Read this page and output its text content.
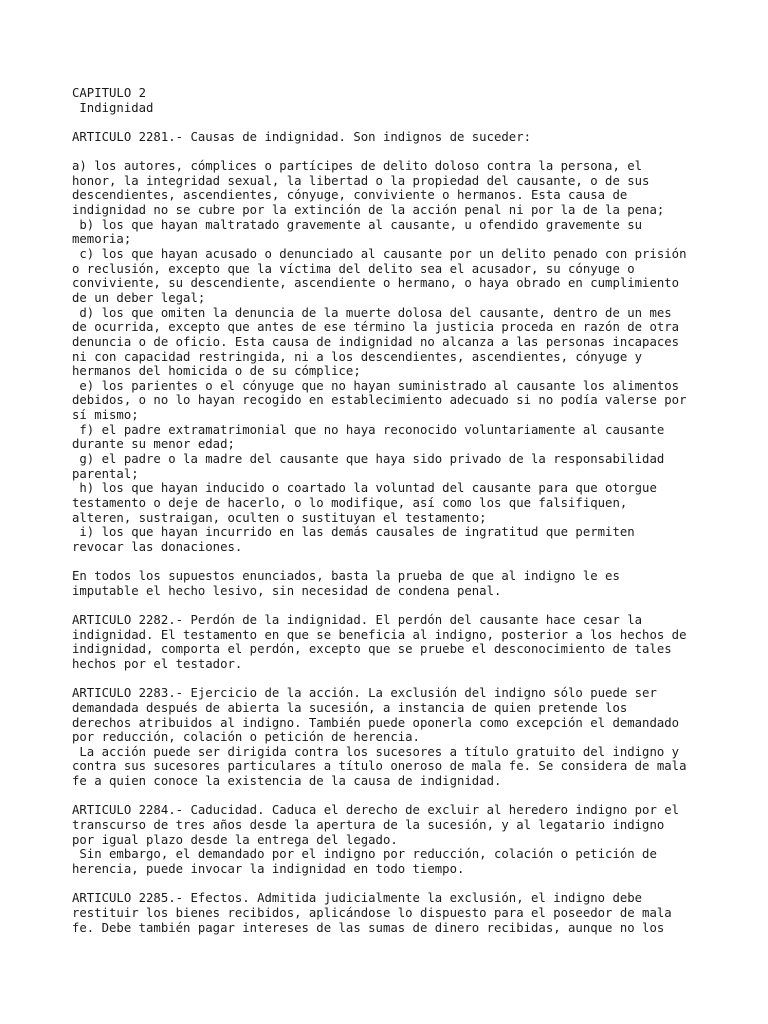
CAPITULO 2
Indignidad
ARTICULO 2281.- Causas de indignidad. Son indignos de suceder:
a) los autores, cómplices o partícipes de delito doloso contra la persona, el
honor, la integridad sexual, la libertad o la propiedad del causante, o de sus
descendientes, ascendientes, cónyuge, conviviente o hermanos. Esta causa de
indignidad no se cubre por la extinción de la acción penal ni por la de la pena;
b) los que hayan maltratado gravemente al causante, u ofendido gravemente su
memoria;
c) los que hayan acusado o denunciado al causante por un delito penado con prisión
o reclusión, excepto que la víctima del delito sea el acusador, su cónyuge o
conviviente, su descendiente, ascendiente o hermano, o haya obrado en cumplimiento
de un deber legal;
d) los que omiten la denuncia de la muerte dolosa del causante, dentro de un mes
de ocurrida, excepto que antes de ese término la justicia proceda en razón de otra
denuncia o de oficio. Esta causa de indignidad no alcanza a las personas incapaces
ni con capacidad restringida, ni a los descendientes, ascendientes, cónyuge y
hermanos del homicida o de su cómplice;
e) los parientes o el cónyuge que no hayan suministrado al causante los alimentos
debidos, o no lo hayan recogido en establecimiento adecuado si no podía valerse por
sí mismo;
f) el padre extramatrimonial que no haya reconocido voluntariamente al causante
durante su menor edad;
g) el padre o la madre del causante que haya sido privado de la responsabilidad
parental;
h) los que hayan inducido o coartado la voluntad del causante para que otorgue
testamento o deje de hacerlo, o lo modifique, así como los que falsifiquen,
alteren, sustraigan, oculten o sustituyan el testamento;
i) los que hayan incurrido en las demás causales de ingratitud que permiten
revocar las donaciones.
En todos los supuestos enunciados, basta la prueba de que al indigno le es
imputable el hecho lesivo, sin necesidad de condena penal.
ARTICULO 2282.- Perdón de la indignidad. El perdón del causante hace cesar la
indignidad. El testamento en que se beneficia al indigno, posterior a los hechos de
indignidad, comporta el perdón, excepto que se pruebe el desconocimiento de tales
hechos por el testador.
ARTICULO 2283.- Ejercicio de la acción. La exclusión del indigno sólo puede ser
demandada después de abierta la sucesión, a instancia de quien pretende los
derechos atribuidos al indigno. También puede oponerla como excepción el demandado
por reducción, colación o petición de herencia.
La acción puede ser dirigida contra los sucesores a título gratuito del indigno y
contra sus sucesores particulares a título oneroso de mala fe. Se considera de mala
fe a quien conoce la existencia de la causa de indignidad.
ARTICULO 2284.- Caducidad. Caduca el derecho de excluir al heredero indigno por el
transcurso de tres años desde la apertura de la sucesión, y al legatario indigno
por igual plazo desde la entrega del legado.
Sin embargo, el demandado por el indigno por reducción, colación o petición de
herencia, puede invocar la indignidad en todo tiempo.
ARTICULO 2285.- Efectos. Admitida judicialmente la exclusión, el indigno debe
restituir los bienes recibidos, aplicándose lo dispuesto para el poseedor de mala
fe. Debe también pagar intereses de las sumas de dinero recibidas, aunque no los
